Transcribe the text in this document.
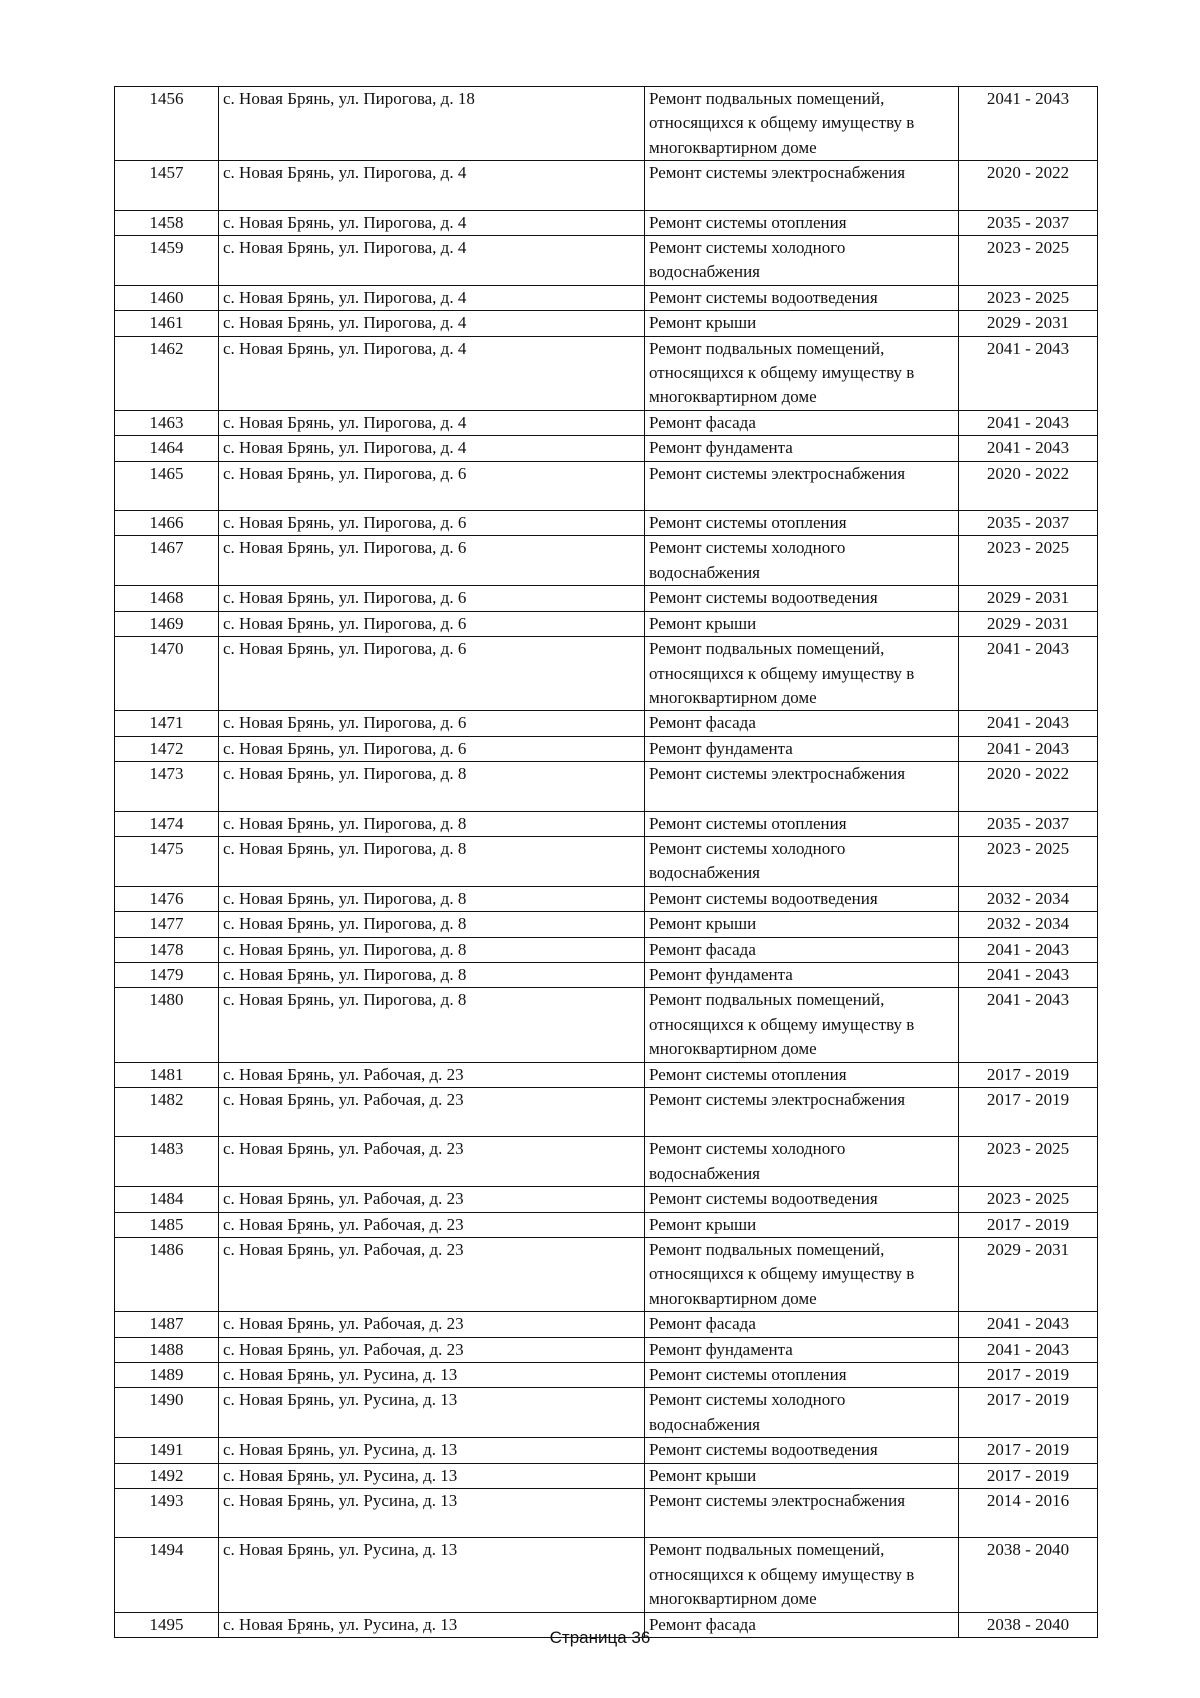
1456	с. Новая Брянь, ул. Пирогова, д. 18	Ремонт подвальных помещений, относящихся к общему имуществу в многоквартирном доме	2041 - 2043
1457	с. Новая Брянь, ул. Пирогова, д. 4	Ремонт системы электроснабжения	2020 - 2022
1458	с. Новая Брянь, ул. Пирогова, д. 4	Ремонт системы отопления	2035 - 2037
1459	с. Новая Брянь, ул. Пирогова, д. 4	Ремонт системы холодного водоснабжения	2023 - 2025
1460	с. Новая Брянь, ул. Пирогова, д. 4	Ремонт системы водоотведения	2023 - 2025
1461	с. Новая Брянь, ул. Пирогова, д. 4	Ремонт крыши	2029 - 2031
1462	с. Новая Брянь, ул. Пирогова, д. 4	Ремонт подвальных помещений, относящихся к общему имуществу в многоквартирном доме	2041 - 2043
1463	с. Новая Брянь, ул. Пирогова, д. 4	Ремонт фасада	2041 - 2043
1464	с. Новая Брянь, ул. Пирогова, д. 4	Ремонт фундамента	2041 - 2043
1465	с. Новая Брянь, ул. Пирогова, д. 6	Ремонт системы электроснабжения	2020 - 2022
1466	с. Новая Брянь, ул. Пирогова, д. 6	Ремонт системы отопления	2035 - 2037
1467	с. Новая Брянь, ул. Пирогова, д. 6	Ремонт системы холодного водоснабжения	2023 - 2025
1468	с. Новая Брянь, ул. Пирогова, д. 6	Ремонт системы водоотведения	2029 - 2031
1469	с. Новая Брянь, ул. Пирогова, д. 6	Ремонт крыши	2029 - 2031
1470	с. Новая Брянь, ул. Пирогова, д. 6	Ремонт подвальных помещений, относящихся к общему имуществу в многоквартирном доме	2041 - 2043
1471	с. Новая Брянь, ул. Пирогова, д. 6	Ремонт фасада	2041 - 2043
1472	с. Новая Брянь, ул. Пирогова, д. 6	Ремонт фундамента	2041 - 2043
1473	с. Новая Брянь, ул. Пирогова, д. 8	Ремонт системы электроснабжения	2020 - 2022
1474	с. Новая Брянь, ул. Пирогова, д. 8	Ремонт системы отопления	2035 - 2037
1475	с. Новая Брянь, ул. Пирогова, д. 8	Ремонт системы холодного водоснабжения	2023 - 2025
1476	с. Новая Брянь, ул. Пирогова, д. 8	Ремонт системы водоотведения	2032 - 2034
1477	с. Новая Брянь, ул. Пирогова, д. 8	Ремонт крыши	2032 - 2034
1478	с. Новая Брянь, ул. Пирогова, д. 8	Ремонт фасада	2041 - 2043
1479	с. Новая Брянь, ул. Пирогова, д. 8	Ремонт фундамента	2041 - 2043
1480	с. Новая Брянь, ул. Пирогова, д. 8	Ремонт подвальных помещений, относящихся к общему имуществу в многоквартирном доме	2041 - 2043
1481	с. Новая Брянь, ул. Рабочая, д. 23	Ремонт системы отопления	2017 - 2019
1482	с. Новая Брянь, ул. Рабочая, д. 23	Ремонт системы электроснабжения	2017 - 2019
1483	с. Новая Брянь, ул. Рабочая, д. 23	Ремонт системы холодного водоснабжения	2023 - 2025
1484	с. Новая Брянь, ул. Рабочая, д. 23	Ремонт системы водоотведения	2023 - 2025
1485	с. Новая Брянь, ул. Рабочая, д. 23	Ремонт крыши	2017 - 2019
1486	с. Новая Брянь, ул. Рабочая, д. 23	Ремонт подвальных помещений, относящихся к общему имуществу в многоквартирном доме	2029 - 2031
1487	с. Новая Брянь, ул. Рабочая, д. 23	Ремонт фасада	2041 - 2043
1488	с. Новая Брянь, ул. Рабочая, д. 23	Ремонт фундамента	2041 - 2043
1489	с. Новая Брянь, ул. Русина, д. 13	Ремонт системы отопления	2017 - 2019
1490	с. Новая Брянь, ул. Русина, д. 13	Ремонт системы холодного водоснабжения	2017 - 2019
1491	с. Новая Брянь, ул. Русина, д. 13	Ремонт системы водоотведения	2017 - 2019
1492	с. Новая Брянь, ул. Русина, д. 13	Ремонт крыши	2017 - 2019
1493	с. Новая Брянь, ул. Русина, д. 13	Ремонт системы электроснабжения	2014 - 2016
1494	с. Новая Брянь, ул. Русина, д. 13	Ремонт подвальных помещений, относящихся к общему имуществу в многоквартирном доме	2038 - 2040
1495	с. Новая Брянь, ул. Русина, д. 13	Ремонт фасада	2038 - 2040
Страница 36
